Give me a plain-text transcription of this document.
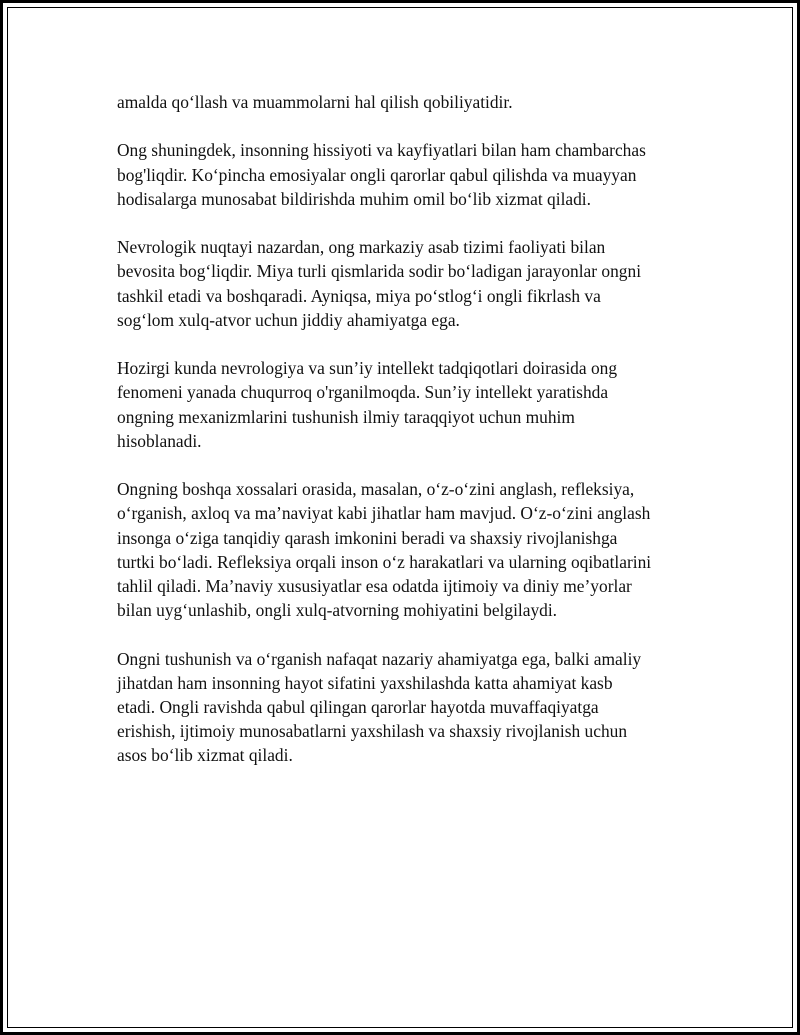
amalda qo‘llash va muammolarni hal qilish qobiliyatidir.

Ong shuningdek, insonning hissiyoti va kayfiyatlari bilan ham chambarchas
bog'liqdir. Ko‘pincha emosiyalar ongli qarorlar qabul qilishda va muayyan
hodisalarga munosabat bildirishda muhim omil bo‘lib xizmat qiladi.

Nevrologik nuqtayi nazardan, ong markaziy asab tizimi faoliyati bilan
bevosita bog‘liqdir. Miya turli qismlarida sodir bo‘ladigan jarayonlar ongni
tashkil etadi va boshqaradi. Ayniqsa, miya po‘stlog‘i ongli fikrlash va
sog‘lom xulq-atvor uchun jiddiy ahamiyatga ega.

Hozirgi kunda nevrologiya va sun’iy intellekt tadqiqotlari doirasida ong
fenomeni yanada chuqurroq o'rganilmoqda. Sun’iy intellekt yaratishda
ongning mexanizmlarini tushunish ilmiy taraqqiyot uchun muhim
hisoblanadi.

Ongning boshqa xossalari orasida, masalan, o‘z-o‘zini anglash, refleksiya,
o‘rganish, axloq va ma’naviyat kabi jihatlar ham mavjud. O‘z-o‘zini anglash
insonga o‘ziga tanqidiy qarash imkonini beradi va shaxsiy rivojlanishga
turtki bo‘ladi. Refleksiya orqali inson o‘z harakatlari va ularning oqibatlarini
tahlil qiladi. Ma’naviy xususiyatlar esa odatda ijtimoiy va diniy me’yorlar
bilan uyg‘unlashib, ongli xulq-atvorning mohiyatini belgilaydi.

Ongni tushunish va o‘rganish nafaqat nazariy ahamiyatga ega, balki amaliy
jihatdan ham insonning hayot sifatini yaxshilashda katta ahamiyat kasb
etadi. Ongli ravishda qabul qilingan qarorlar hayotda muvaffaqiyatga
erishish, ijtimoiy munosabatlarni yaxshilash va shaxsiy rivojlanish uchun
asos bo‘lib xizmat qiladi.
